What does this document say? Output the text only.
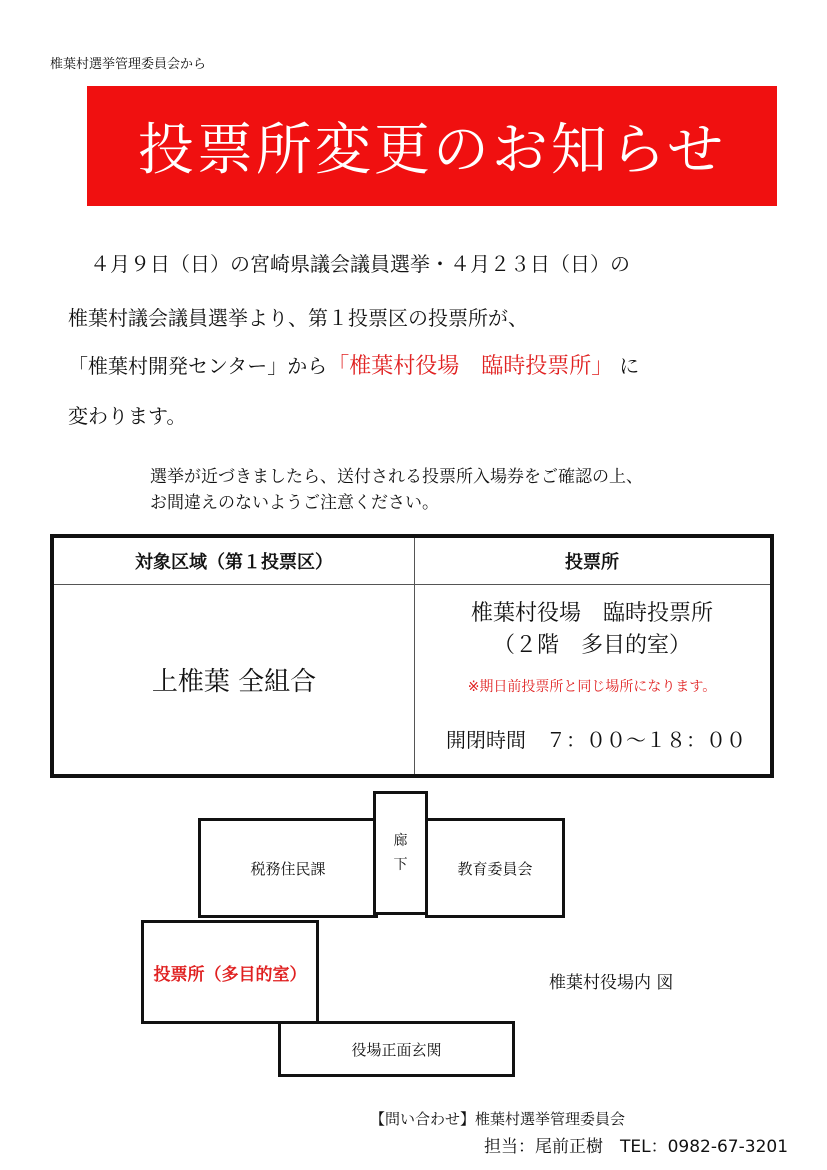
椎葉村選挙管理委員会から
投票所変更のお知らせ
４月９日（日）の宮崎県議会議員選挙・４月２３日（日）の
椎葉村議会議員選挙より、第１投票区の投票所が、
「椎葉村開発センター」から「椎葉村役場　臨時投票所」 に
変わります。
選挙が近づきましたら、送付される投票所入場券をご確認の上、
お間違えのないようご注意ください。
対象区域（第１投票区）	投票所
上椎葉 全組合
椎葉村役場　臨時投票所
（２階　多目的室）
※期日前投票所と同じ場所になります。
開閉時間　７：００～１８：００
税務住民課	教育委員会
廊
下
投票所（多目的室）
役場正面玄関
椎葉村役場内 図
【問い合わせ】椎葉村選挙管理委員会
担当：尾前正樹　TEL：0982-67-3201
